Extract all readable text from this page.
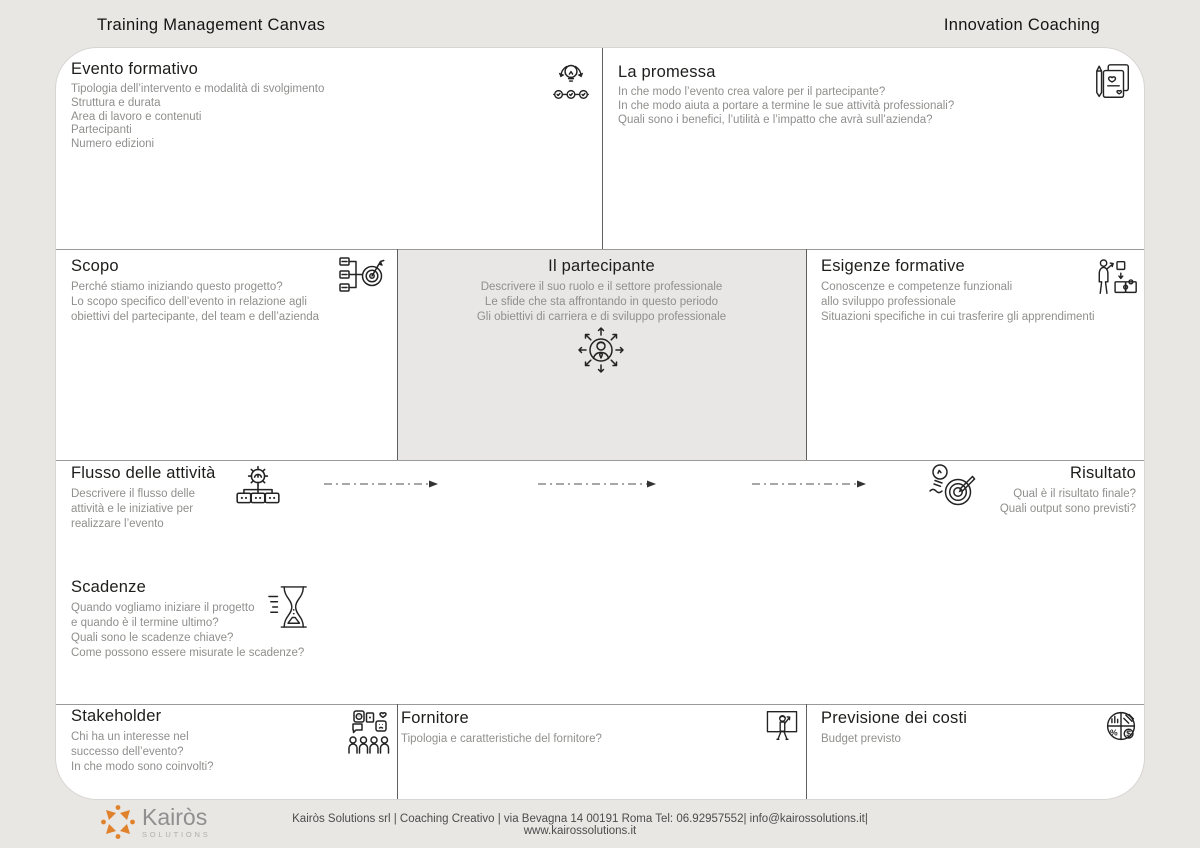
Training Management Canvas	Innovation Coaching
Evento formativo
Tipologia dell’intervento e modalità di svolgimento
Struttura e durata
Area di lavoro e contenuti
Partecipanti
Numero edizioni
La promessa
In che modo l’evento crea valore per il partecipante?
In che modo aiuta a portare a termine le sue attività professionali?
Quali sono i benefici, l’utilità e l’impatto che avrà sull’azienda?
Scopo
Perché stiamo iniziando questo progetto?
Lo scopo specifico dell’evento in relazione agli
obiettivi del partecipante, del team e dell’azienda
Il partecipante
Descrivere il suo ruolo e il settore professionale
Le sfide che sta affrontando in questo periodo
Gli obiettivi di carriera e di sviluppo professionale
Esigenze formative
Conoscenze e competenze funzionali
allo sviluppo professionale
Situazioni specifiche in cui trasferire gli apprendimenti
Flusso delle attività
Descrivere il flusso delle
attività e le iniziative per
realizzare l’evento
Risultato
Qual è il risultato finale?
Quali output sono previsti?
Scadenze
Quando vogliamo iniziare il progetto
e quando è il termine ultimo?
Quali sono le scadenze chiave?
Come possono essere misurate le scadenze?
Stakeholder
Chi ha un interesse nel
successo dell’evento?
In che modo sono coinvolti?
Fornitore
Tipologia e caratteristiche del fornitore?
Previsione dei costi
Budget previsto
% $
Kairòs
SOLUTIONS
Kairòs Solutions srl | Coaching Creativo | via Bevagna 14 00191 Roma Tel: 06.92957552| info@kairossolutions.it| www.kairossolutions.it
